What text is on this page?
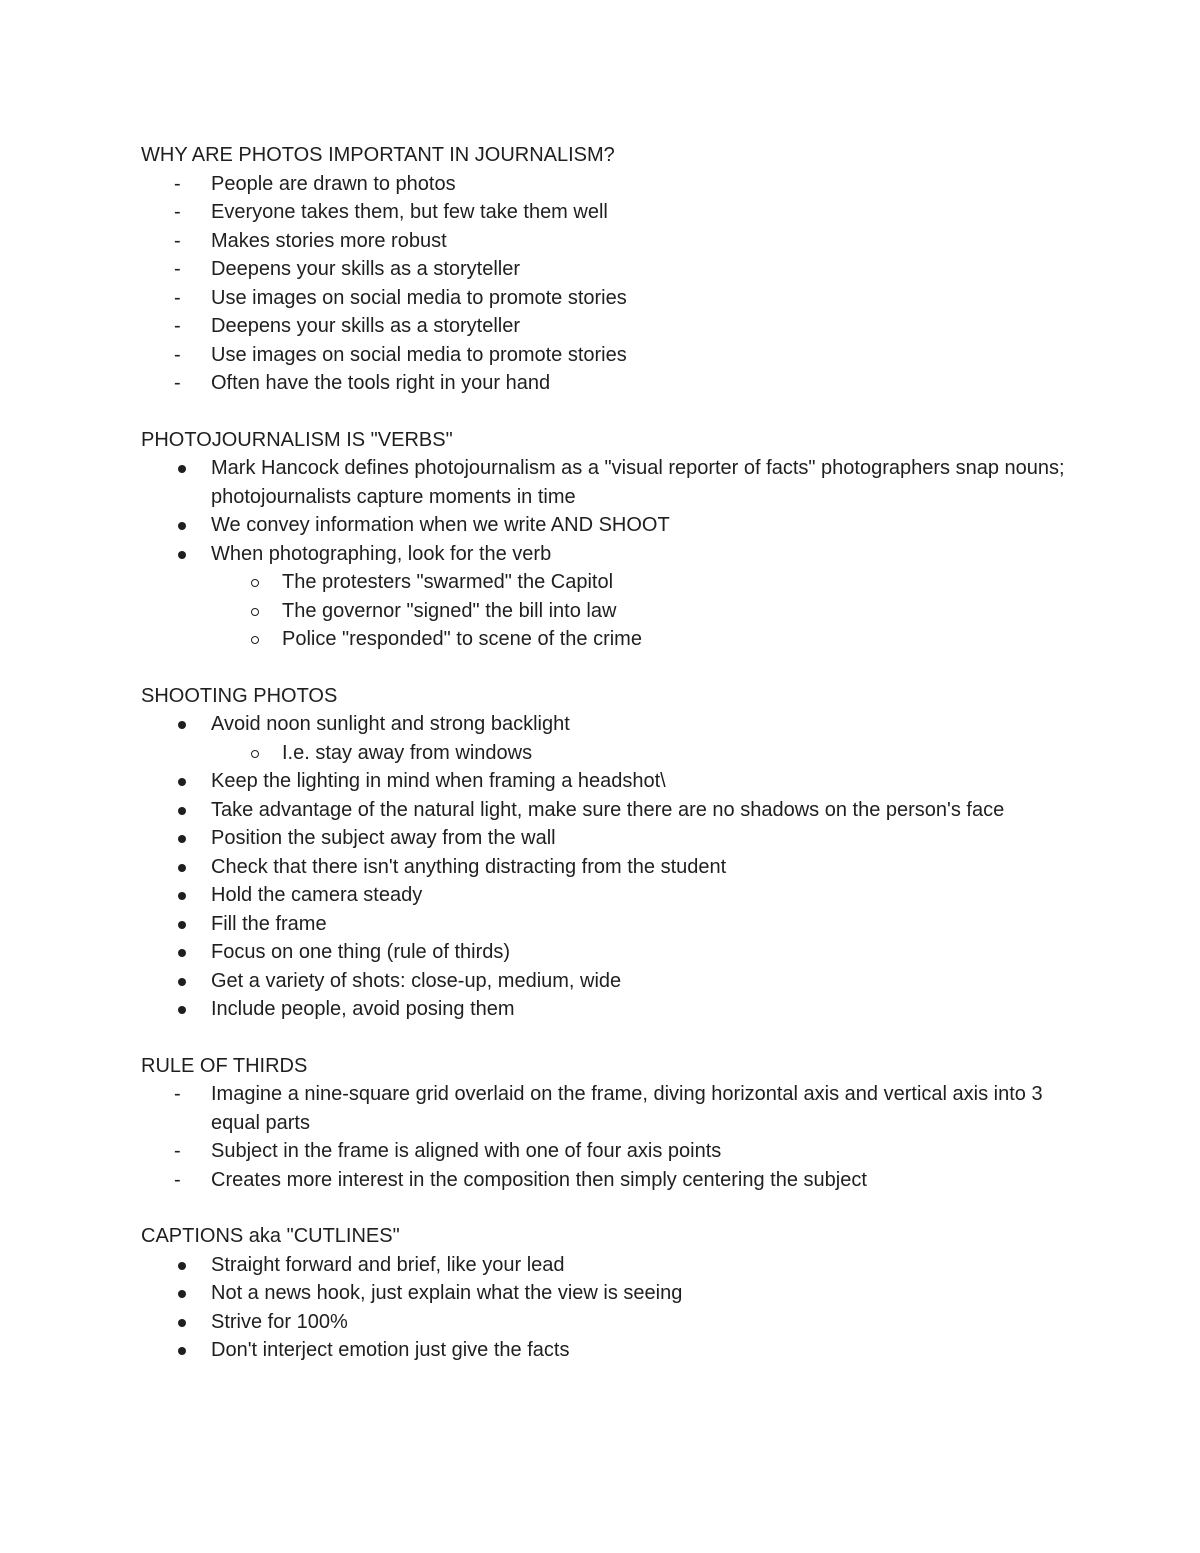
WHY ARE PHOTOS IMPORTANT IN JOURNALISM?
-	People are drawn to photos
-	Everyone takes them, but few take them well
-	Makes stories more robust
-	Deepens your skills as a storyteller
-	Use images on social media to promote stories
-	Deepens your skills as a storyteller
-	Use images on social media to promote stories
-	Often have the tools right in your hand
PHOTOJOURNALISM IS "VERBS"
Mark Hancock defines photojournalism as a "visual reporter of facts" photographers snap nouns; photojournalists capture moments in time
We convey information when we write AND SHOOT
When photographing, look for the verb
The protesters "swarmed" the Capitol
The governor "signed" the bill into law
Police "responded" to scene of the crime
SHOOTING PHOTOS
Avoid noon sunlight and strong backlight
I.e. stay away from windows
Keep the lighting in mind when framing a headshot\
Take advantage of the natural light, make sure there are no shadows on the person's face
Position the subject away from the wall
Check that there isn't anything distracting from the student
Hold the camera steady
Fill the frame
Focus on one thing (rule of thirds)
Get a variety of shots: close-up, medium, wide
Include people, avoid posing them
RULE OF THIRDS
-	Imagine a nine-square grid overlaid on the frame, diving horizontal axis and vertical axis into 3 equal parts
-	Subject in the frame is aligned with one of four axis points
-	Creates more interest in the composition then simply centering the subject
CAPTIONS aka "CUTLINES"
Straight forward and brief, like your lead
Not a news hook, just explain what the view is seeing
Strive for 100%
Don't interject emotion just give the facts
